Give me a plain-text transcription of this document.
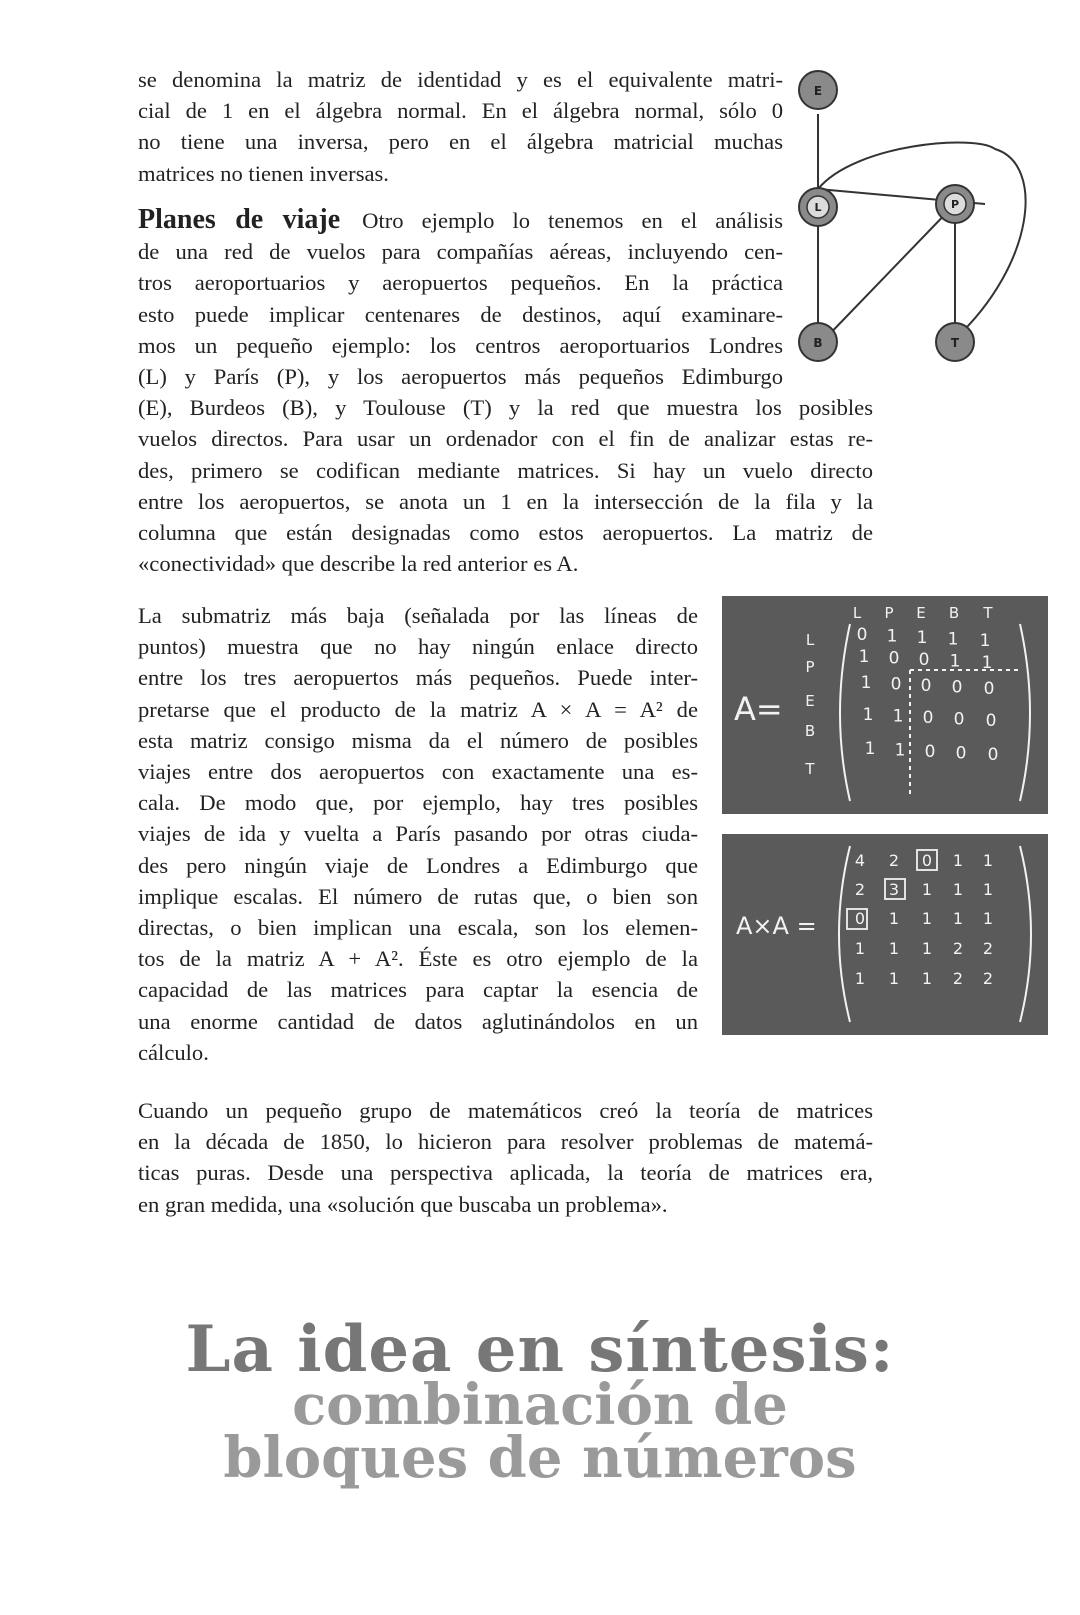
se denomina la matriz de identidad y es el equivalente matri-
cial de 1 en el álgebra normal. En el álgebra normal, sólo 0
no tiene una inversa, pero en el álgebra matricial muchas
matrices no tienen inversas.
Planes de viaje Otro ejemplo lo tenemos en el análisis
de una red de vuelos para compañías aéreas, incluyendo cen-
tros aeroportuarios y aeropuertos pequeños. En la práctica
esto puede implicar centenares de destinos, aquí examinare-
mos un pequeño ejemplo: los centros aeroportuarios Londres
(L) y París (P), y los aeropuertos más pequeños Edimburgo
(E), Burdeos (B), y Toulouse (T) y la red que muestra los posibles
vuelos directos. Para usar un ordenador con el fin de analizar estas re-
des, primero se codifican mediante matrices. Si hay un vuelo directo
entre los aeropuertos, se anota un 1 en la intersección de la fila y la
columna que están designadas como estos aeropuertos. La matriz de
«conectividad» que describe la red anterior es A.
E
L	P
B	T
La submatriz más baja (señalada por las líneas de
puntos) muestra que no hay ningún enlace directo
entre los tres aeropuertos más pequeños. Puede inter-
pretarse que el producto de la matriz A × A = A² de
esta matriz consigo misma da el número de posibles
viajes entre dos aeropuertos con exactamente una es-
cala. De modo que, por ejemplo, hay tres posibles
viajes de ida y vuelta a París pasando por otras ciuda-
des pero ningún viaje de Londres a Edimburgo que
implique escalas. El número de rutas que, o bien son
directas, o bien implican una escala, son los elemen-
tos de la matriz A + A². Éste es otro ejemplo de la
capacidad de las matrices para captar la esencia de
una enorme cantidad de datos aglutinándolos en un
cálculo.
A=
L P E B T
L
P
E
B
T
0 1 1 1 1
1 0 0 1 1
1 0 0 0 0
1 1 0 0 0
1 1 0 0 0
A×A =
4 2 0 1 1
2 3 1 1 1
0 1 1 1 1
1 1 1 2 2
1 1 1 2 2
Cuando un pequeño grupo de matemáticos creó la teoría de matrices
en la década de 1850, lo hicieron para resolver problemas de matemá-
ticas puras. Desde una perspectiva aplicada, la teoría de matrices era,
en gran medida, una «solución que buscaba un problema».
La idea en síntesis:
combinación de
bloques de números
